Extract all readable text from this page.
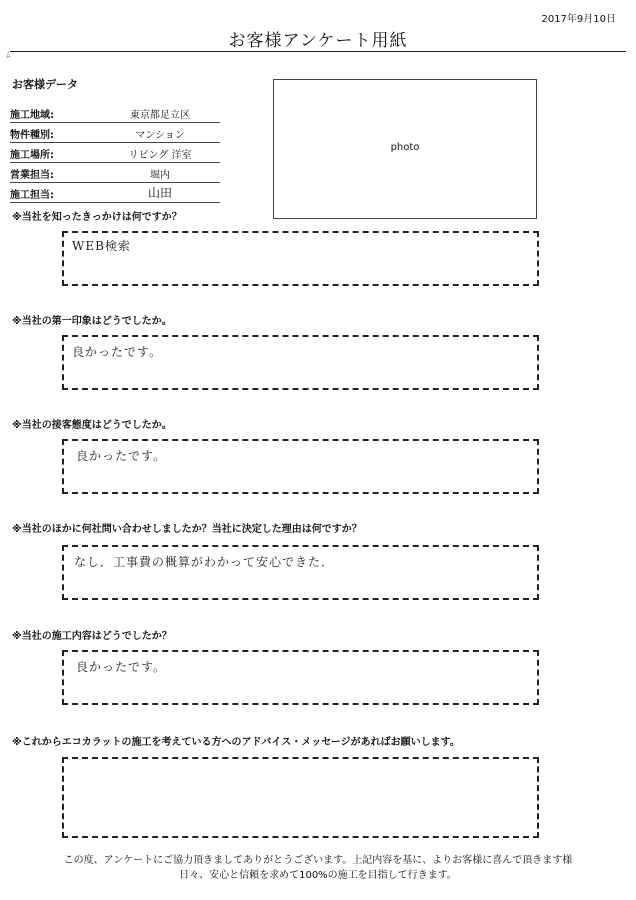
ﾑ
2017年9月10日
お客様アンケート用紙
お客様データ
施工地域:	東京都足立区
物件種別:	マンション
施工場所:	リビング 洋室
営業担当:	堀内
施工担当:	山田
photo
※当社を知ったきっかけは何ですか？
WEB検索
※当社の第一印象はどうでしたか。
良かったです。
※当社の接客態度はどうでしたか。
良かったです。
※当社のほかに何社問い合わせしましたか？当社に決定した理由は何ですか？
なし．工事費の概算がわかって安心できた．
※当社の施工内容はどうでしたか？
良かったです。
※これからエコカラットの施工を考えている方へのアドバイス・メッセージがあればお願いします。
この度、アンケートにご協力頂きましてありがとうございます。上記内容を基に、よりお客様に喜んで頂きます様
日々、安心と信頼を求めて100%の施工を目指して行きます。
